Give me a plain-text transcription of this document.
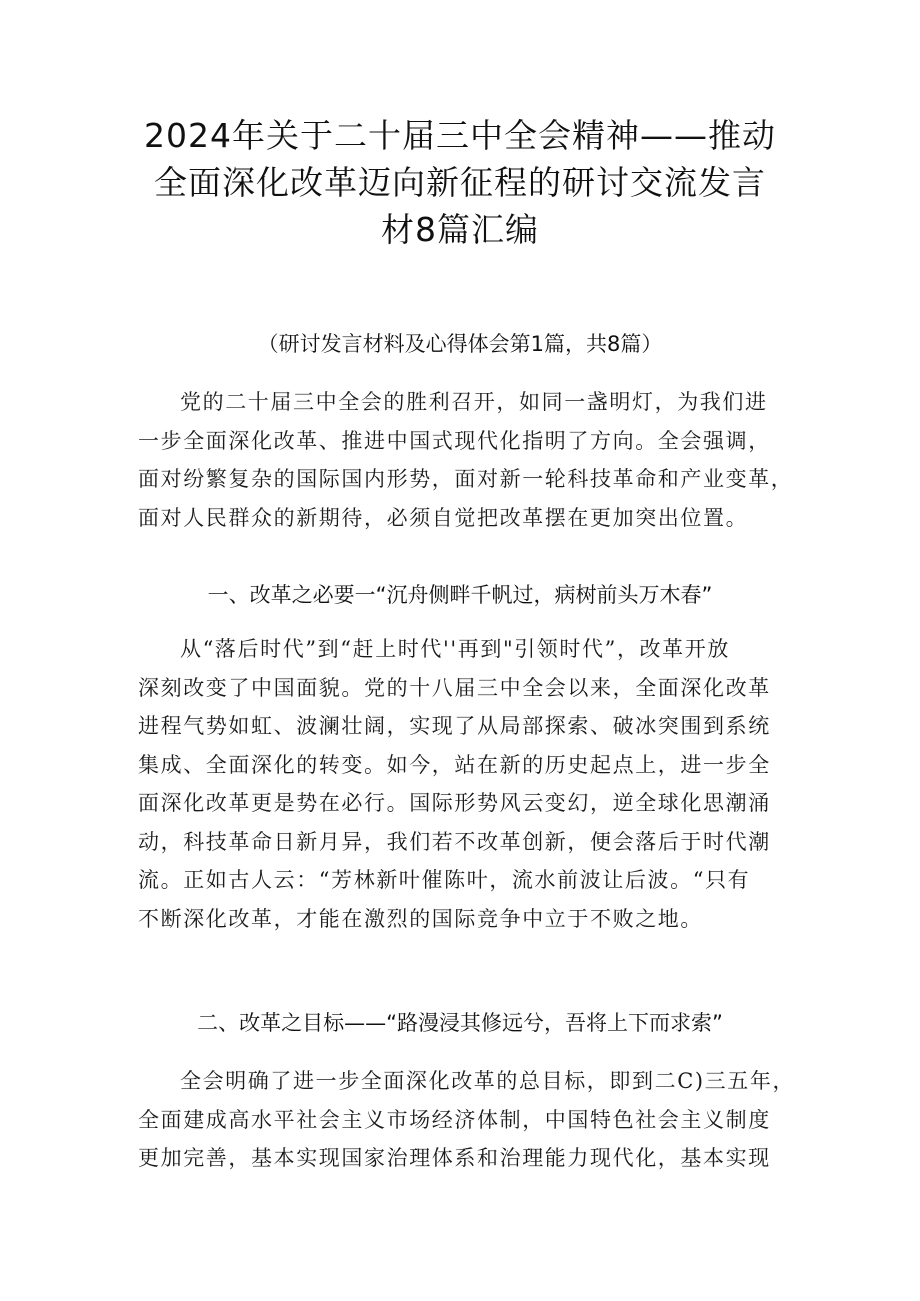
2024年关于二十届三中全会精神——推动
全面深化改革迈向新征程的研讨交流发言
材8篇汇编
（研讨发言材料及心得体会第1篇，共8篇）
党的二十届三中全会的胜利召开，如同一盏明灯，为我们进
一步全面深化改革、推进中国式现代化指明了方向。全会强调，
面对纷繁复杂的国际国内形势，面对新一轮科技革命和产业变革，
面对人民群众的新期待，必须自觉把改革摆在更加突出位置。
一、改革之必要一“沉舟侧畔千帆过，病树前头万木春”
从“落后时代”到“赶上时代''再到"引领时代”，改革开放
深刻改变了中国面貌。党的十八届三中全会以来，全面深化改革
进程气势如虹、波澜壮阔，实现了从局部探索、破冰突围到系统
集成、全面深化的转变。如今，站在新的历史起点上，进一步全
面深化改革更是势在必行。国际形势风云变幻，逆全球化思潮涌
动，科技革命日新月异，我们若不改革创新，便会落后于时代潮
流。正如古人云：“芳林新叶催陈叶，流水前波让后波。“只有
不断深化改革，才能在激烈的国际竞争中立于不败之地。
二、改革之目标——“路漫浸其修远兮，吾将上下而求索”
全会明确了进一步全面深化改革的总目标，即到二C)三五年，
全面建成高水平社会主义市场经济体制，中国特色社会主义制度
更加完善，基本实现国家治理体系和治理能力现代化，基本实现
